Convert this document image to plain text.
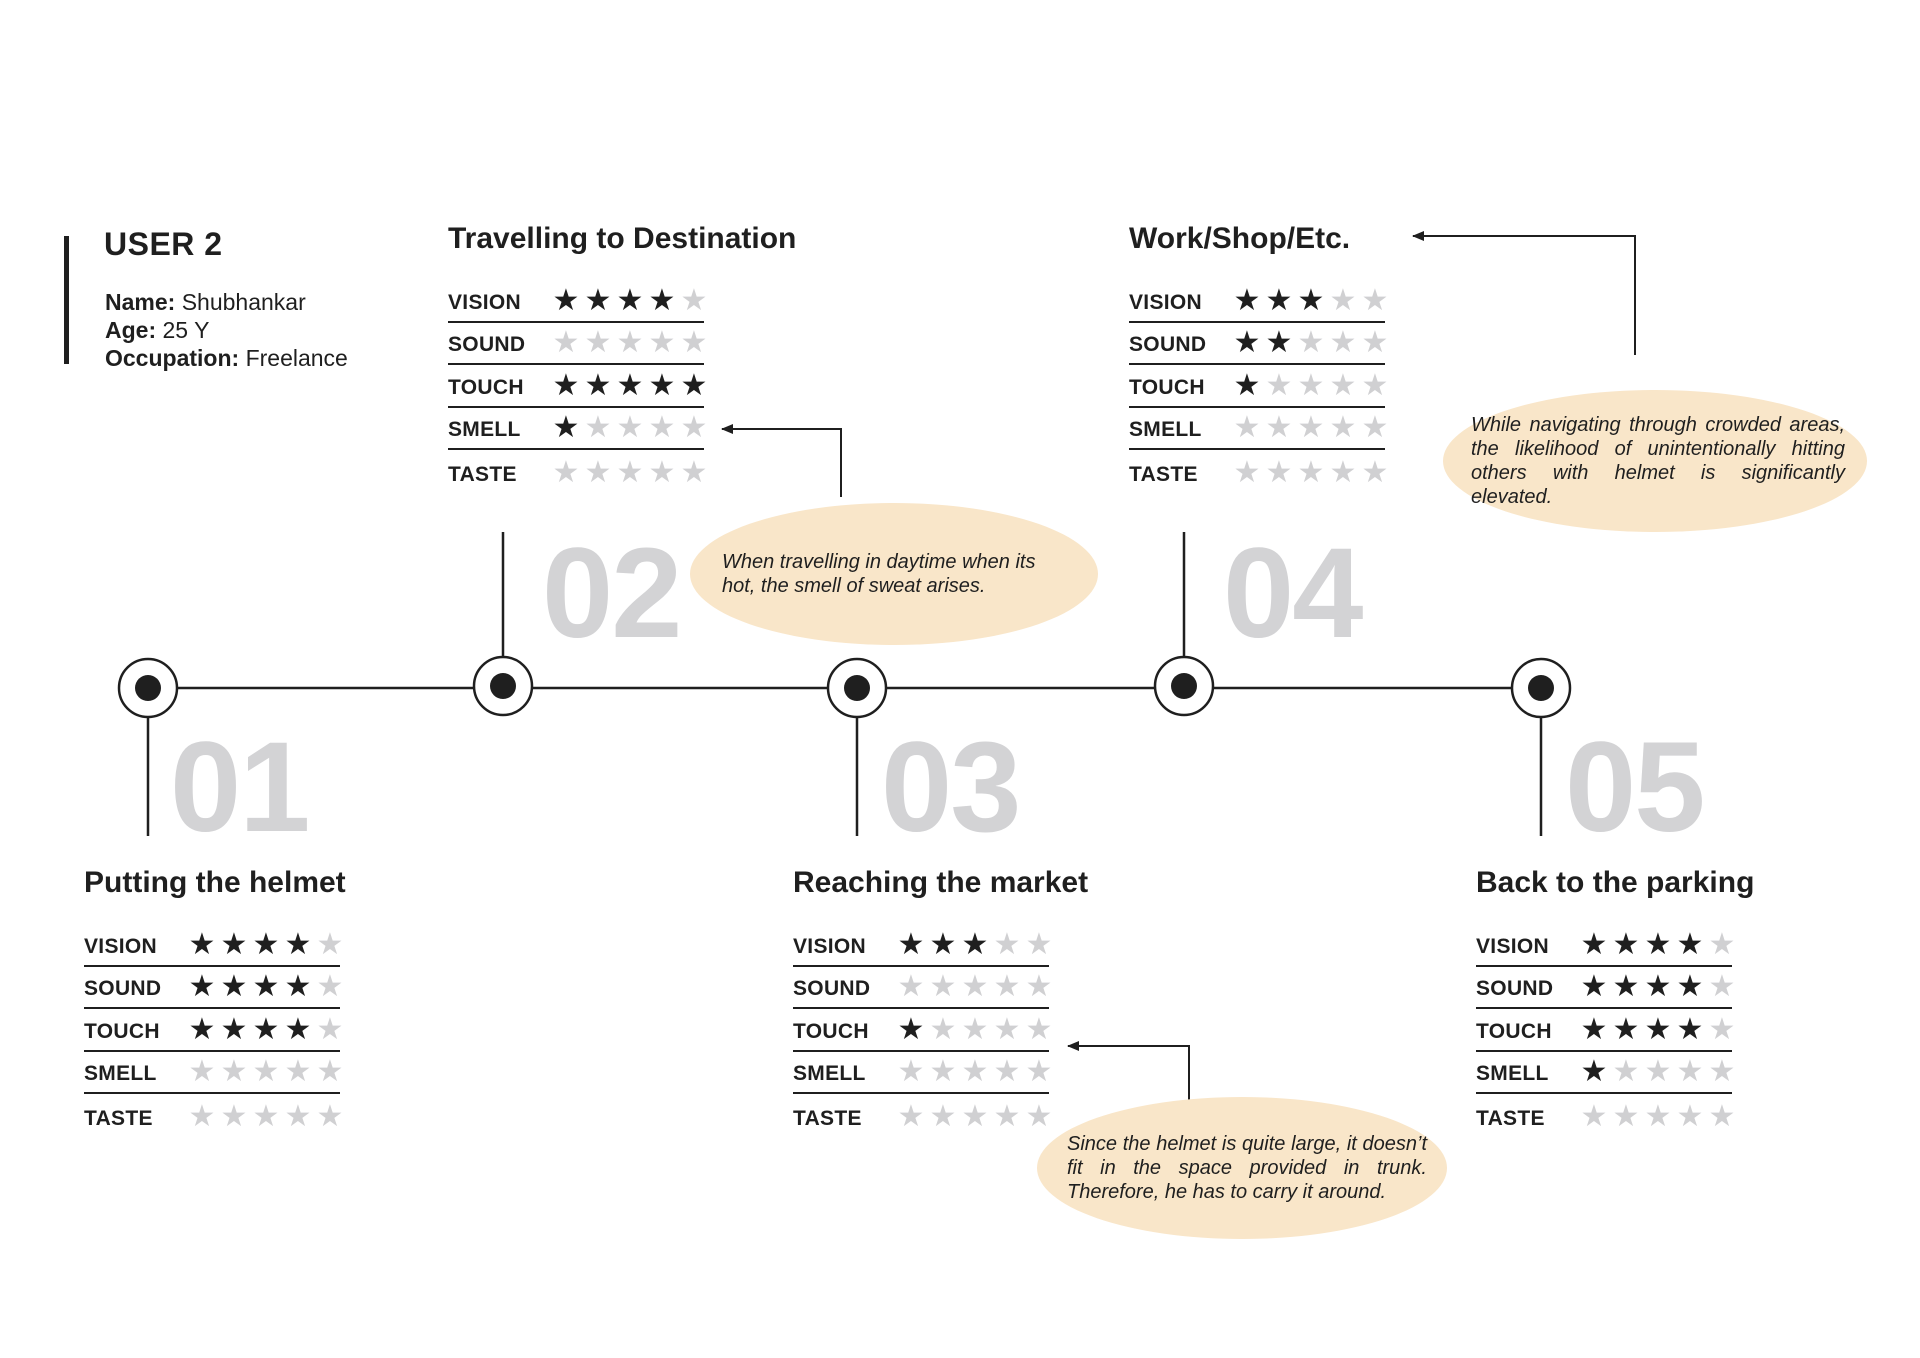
USER 2
Name: Shubhankar
Age: 25 Y
Occupation: Freelance
01
02
03
04
05
Putting the helmet
VISION ★ ★ ★ ★ ★
SOUND ★ ★ ★ ★ ★
TOUCH ★ ★ ★ ★ ★
SMELL ★ ★ ★ ★ ★
TASTE ★ ★ ★ ★ ★
Travelling to Destination
VISION ★ ★ ★ ★ ★
SOUND ★ ★ ★ ★ ★
TOUCH ★ ★ ★ ★ ★
SMELL ★ ★ ★ ★ ★
TASTE ★ ★ ★ ★ ★
Reaching the market
VISION ★ ★ ★ ★ ★
SOUND ★ ★ ★ ★ ★
TOUCH ★ ★ ★ ★ ★
SMELL ★ ★ ★ ★ ★
TASTE ★ ★ ★ ★ ★
Work/Shop/Etc.
VISION ★ ★ ★ ★ ★
SOUND ★ ★ ★ ★ ★
TOUCH ★ ★ ★ ★ ★
SMELL ★ ★ ★ ★ ★
TASTE ★ ★ ★ ★ ★
Back to the parking
VISION ★ ★ ★ ★ ★
SOUND ★ ★ ★ ★ ★
TOUCH ★ ★ ★ ★ ★
SMELL ★ ★ ★ ★ ★
TASTE ★ ★ ★ ★ ★
When travelling in daytime when its hot, the smell of sweat arises.
Since the helmet is quite large, it doesn’t fit in the space provided in trunk. Therefore, he has to carry it around.
While navigating through crowded areas, the likelihood of unintentionally hitting others with helmet is significantly elevated.
